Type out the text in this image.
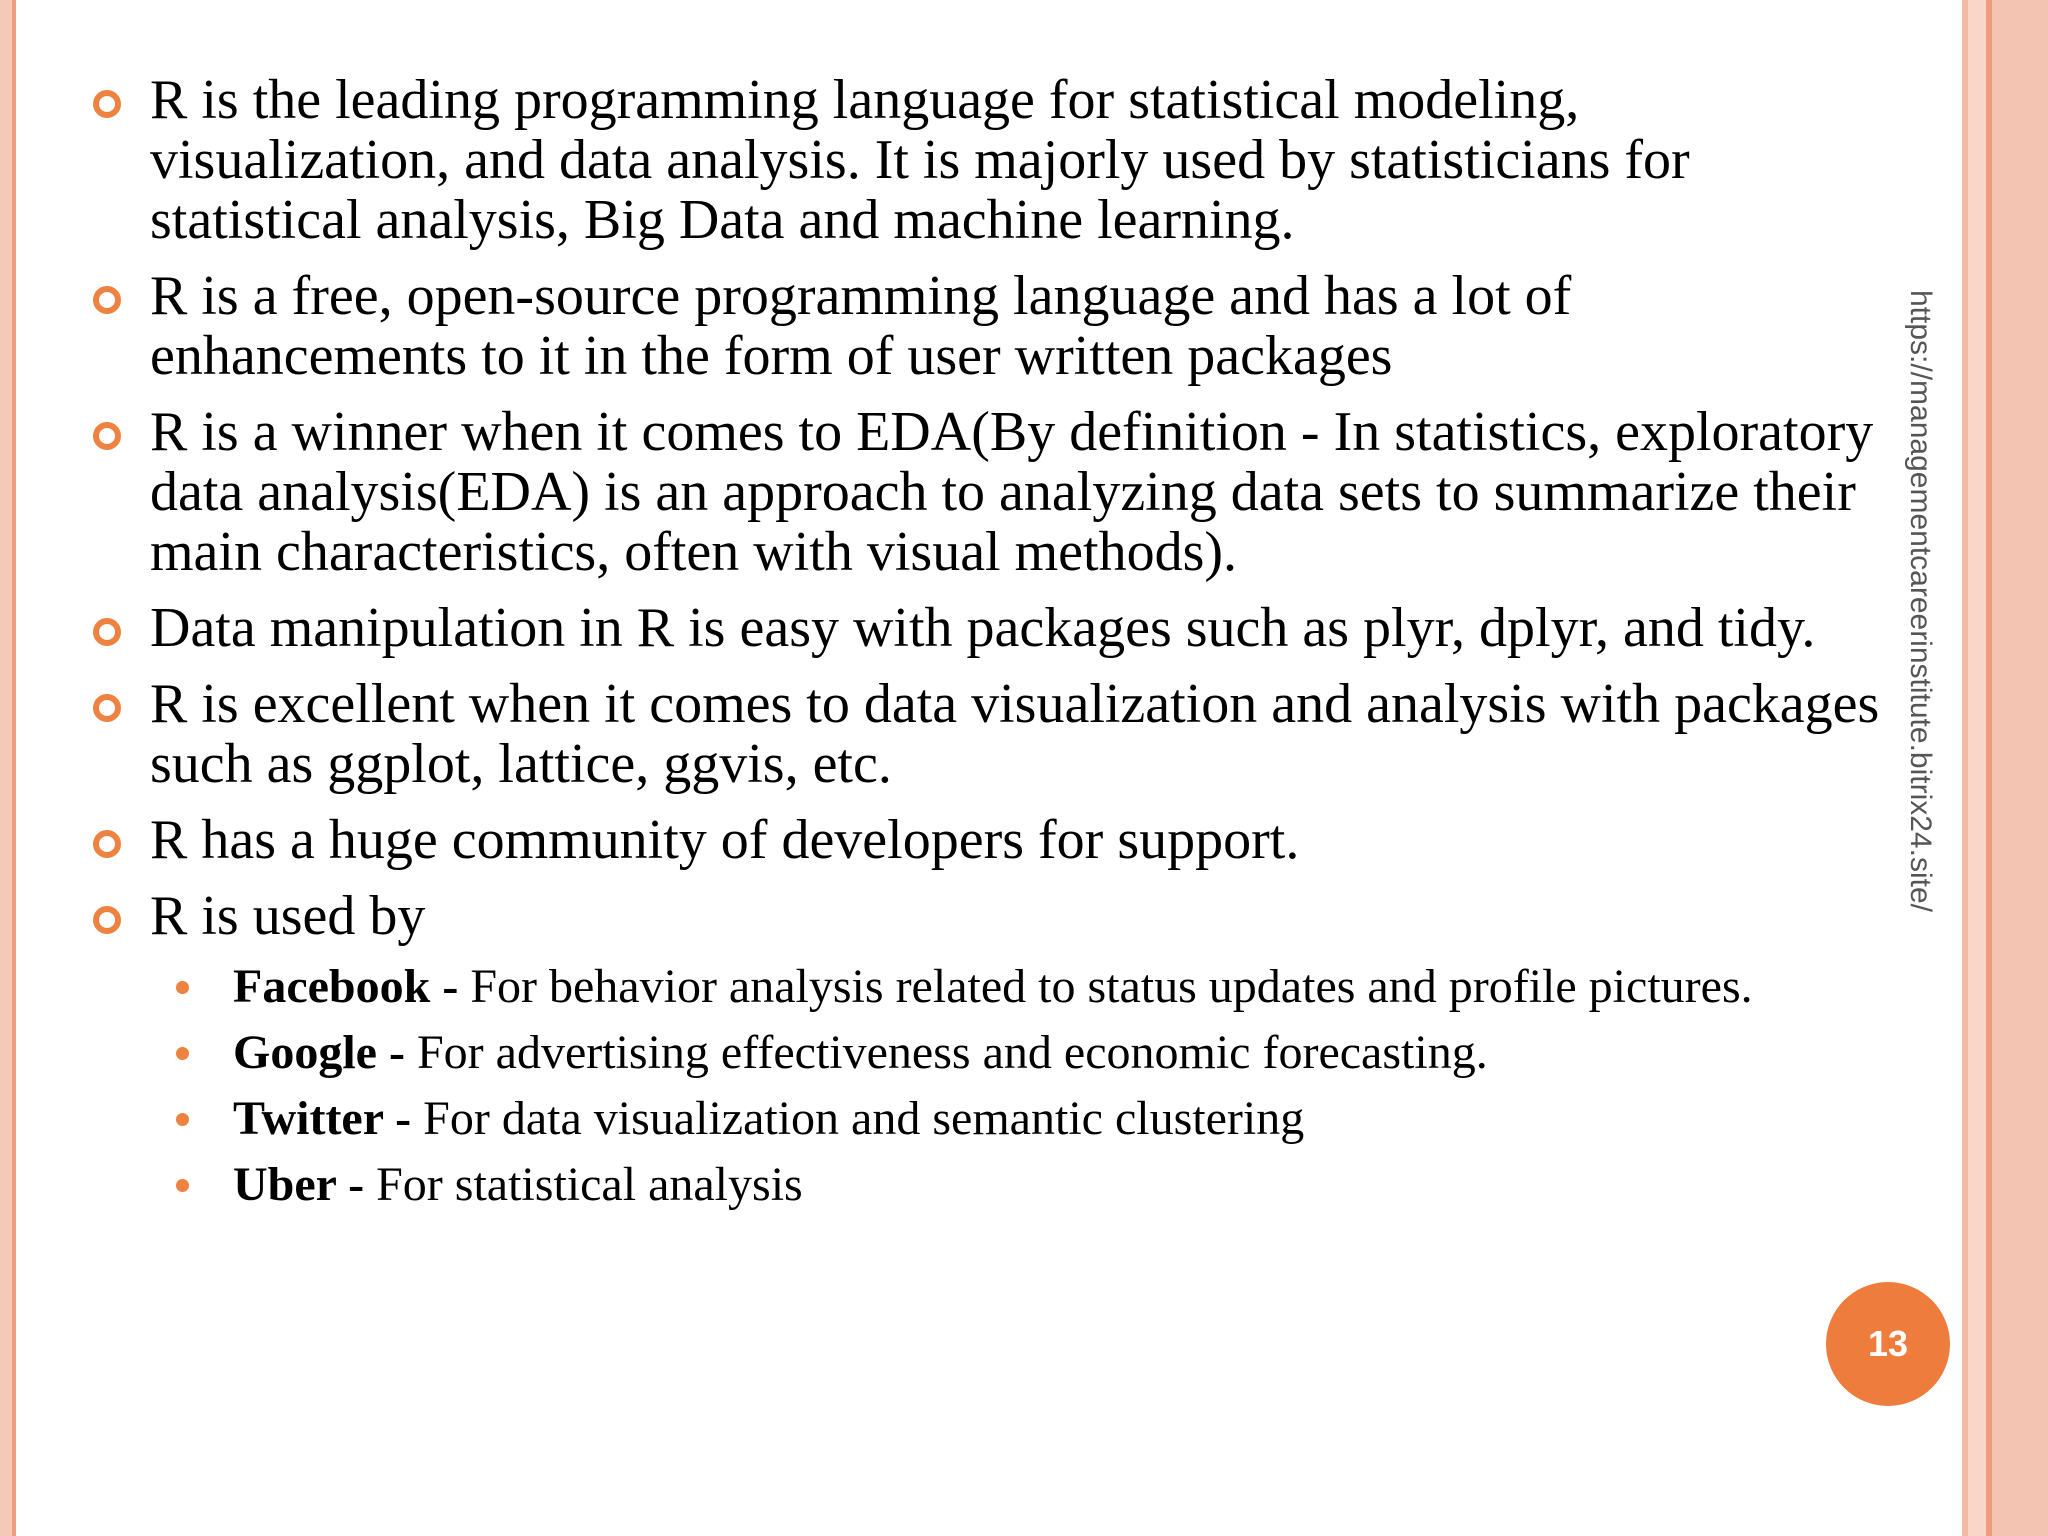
R is the leading programming language for statistical modeling, visualization, and data analysis. It is majorly used by statisticians for statistical analysis, Big Data and machine learning.
R is a free, open-source programming language and has a lot of enhancements to it in the form of user written packages
R is a winner when it comes to EDA(By definition - In statistics, exploratory data analysis(EDA) is an approach to analyzing data sets to summarize their main characteristics, often with visual methods).
Data manipulation in R is easy with packages such as plyr, dplyr, and tidy.
R is excellent when it comes to data visualization and analysis with packages such as ggplot, lattice, ggvis, etc.
R has a huge community of developers for support.
R is used by
Facebook - For behavior analysis related to status updates and profile pictures.
Google - For advertising effectiveness and economic forecasting.
Twitter - For data visualization and semantic clustering
Uber - For statistical analysis
https://managementcareerinstitute.bitrix24.site/
13
